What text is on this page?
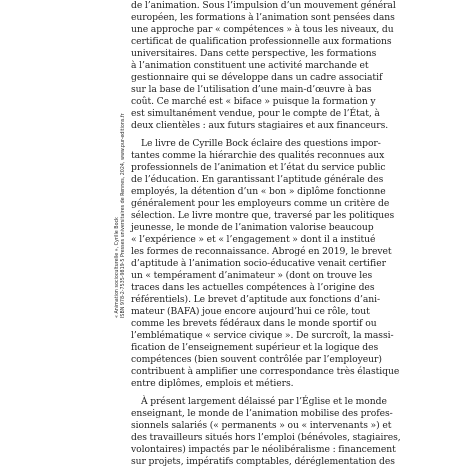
de l’animation. Sous l’impulsion d’un mouvement général
européen, les formations à l’animation sont pensées dans
une approche par « compétences » à tous les niveaux, du
certificat de qualification professionnelle aux formations
universitaires. Dans cette perspective, les formations
à l’animation constituent une activité marchande et
gestionnaire qui se développe dans un cadre associatif
sur la base de l’utilisation d’une main-d’œuvre à bas
coût. Ce marché est « biface » puisque la formation y
est simultanément vendue, pour le compte de l’État, à
deux clientèles : aux futurs stagiaires et aux financeurs.
Le livre de Cyrille Bock éclaire des questions impor-
tantes comme la hiérarchie des qualités reconnues aux
professionnels de l’animation et l’état du service public
de l’éducation. En garantissant l’aptitude générale des
employés, la détention d’un « bon » diplôme fonctionne
généralement pour les employeurs comme un critère de
sélection. Le livre montre que, traversé par les politiques
jeunesse, le monde de l’animation valorise beaucoup
« l’expérience » et « l’engagement » dont il a institué
les formes de reconnaissance. Abrogé en 2019, le brevet
d’aptitude à l’animation socio-éducative venait certifier
un « tempérament d’animateur » (dont on trouve les
traces dans les actuelles compétences à l’origine des
référentiels). Le brevet d’aptitude aux fonctions d’ani-
mateur (BAFA) joue encore aujourd’hui ce rôle, tout
comme les brevets fédéraux dans le monde sportif ou
l’emblématique « service civique ». De surcroît, la massi-
fication de l’enseignement supérieur et la logique des
compétences (bien souvent contrôlée par l’employeur)
contribuent à amplifier une correspondance très élastique
entre diplômes, emplois et métiers.
À présent largement délaissé par l’Église et le monde
enseignant, le monde de l’animation mobilise des profes-
sionnels salariés (« permanents » ou « intervenants ») et
des travailleurs situés hors l’emploi (bénévoles, stagiaires,
volontaires) impactés par le néolibéralisme : financement
sur projets, impératifs comptables, déréglementation des
« Animation socioculturelle », Cyrille Bock ISBN 978-2-7535-9819-5 Presses universitaires de Rennes, 2024, www.pur-editions.fr
